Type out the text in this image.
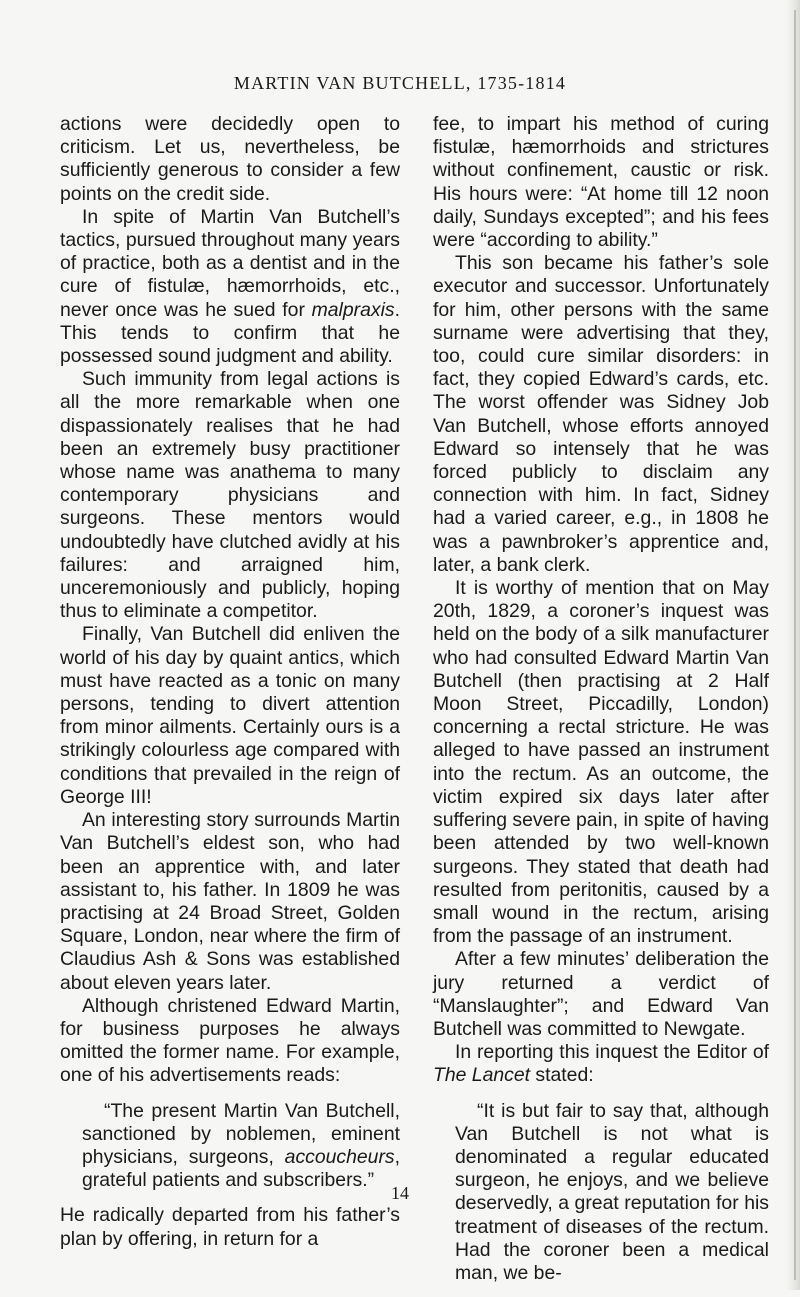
MARTIN VAN BUTCHELL, 1735-1814

actions were decidedly open to criticism. Let us, nevertheless, be sufficiently generous to consider a few points on the credit side.

In spite of Martin Van Butchell’s tactics, pursued throughout many years of practice, both as a dentist and in the cure of fistulæ, hæmorrhoids, etc., never once was he sued for malpraxis. This tends to confirm that he possessed sound judgment and ability.

Such immunity from legal actions is all the more remarkable when one dispassionately realises that he had been an extremely busy practitioner whose name was anathema to many contemporary physicians and surgeons. These mentors would undoubtedly have clutched avidly at his failures: and arraigned him, unceremoniously and publicly, hoping thus to eliminate a competitor.

Finally, Van Butchell did enliven the world of his day by quaint antics, which must have reacted as a tonic on many persons, tending to divert attention from minor ailments. Certainly ours is a strikingly colourless age compared with conditions that prevailed in the reign of George III!

An interesting story surrounds Martin Van Butchell’s eldest son, who had been an apprentice with, and later assistant to, his father. In 1809 he was practising at 24 Broad Street, Golden Square, London, near where the firm of Claudius Ash & Sons was established about eleven years later.

Although christened Edward Martin, for business purposes he always omitted the former name. For example, one of his advertisements reads:

“The present Martin Van Butchell, sanctioned by noblemen, eminent physicians, surgeons, accoucheurs, grateful patients and subscribers.”

He radically departed from his father’s plan by offering, in return for a

fee, to impart his method of curing fistulæ, hæmorrhoids and strictures without confinement, caustic or risk. His hours were: “At home till 12 noon daily, Sundays excepted”; and his fees were “according to ability.”

This son became his father’s sole executor and successor. Unfortunately for him, other persons with the same surname were advertising that they, too, could cure similar disorders: in fact, they copied Edward’s cards, etc. The worst offender was Sidney Job Van Butchell, whose efforts annoyed Edward so intensely that he was forced publicly to disclaim any connection with him. In fact, Sidney had a varied career, e.g., in 1808 he was a pawnbroker’s apprentice and, later, a bank clerk.

It is worthy of mention that on May 20th, 1829, a coroner’s inquest was held on the body of a silk manufacturer who had consulted Edward Martin Van Butchell (then practising at 2 Half Moon Street, Piccadilly, London) concerning a rectal stricture. He was alleged to have passed an instrument into the rectum. As an outcome, the victim expired six days later after suffering severe pain, in spite of having been attended by two well-known surgeons. They stated that death had resulted from peritonitis, caused by a small wound in the rectum, arising from the passage of an instrument.

After a few minutes’ deliberation the jury returned a verdict of “Manslaughter”; and Edward Van Butchell was committed to Newgate.

In reporting this inquest the Editor of The Lancet stated:

“It is but fair to say that, although Van Butchell is not what is denominated a regular educated surgeon, he enjoys, and we believe deservedly, a great reputation for his treatment of diseases of the rectum. Had the coroner been a medical man, we be-

14
